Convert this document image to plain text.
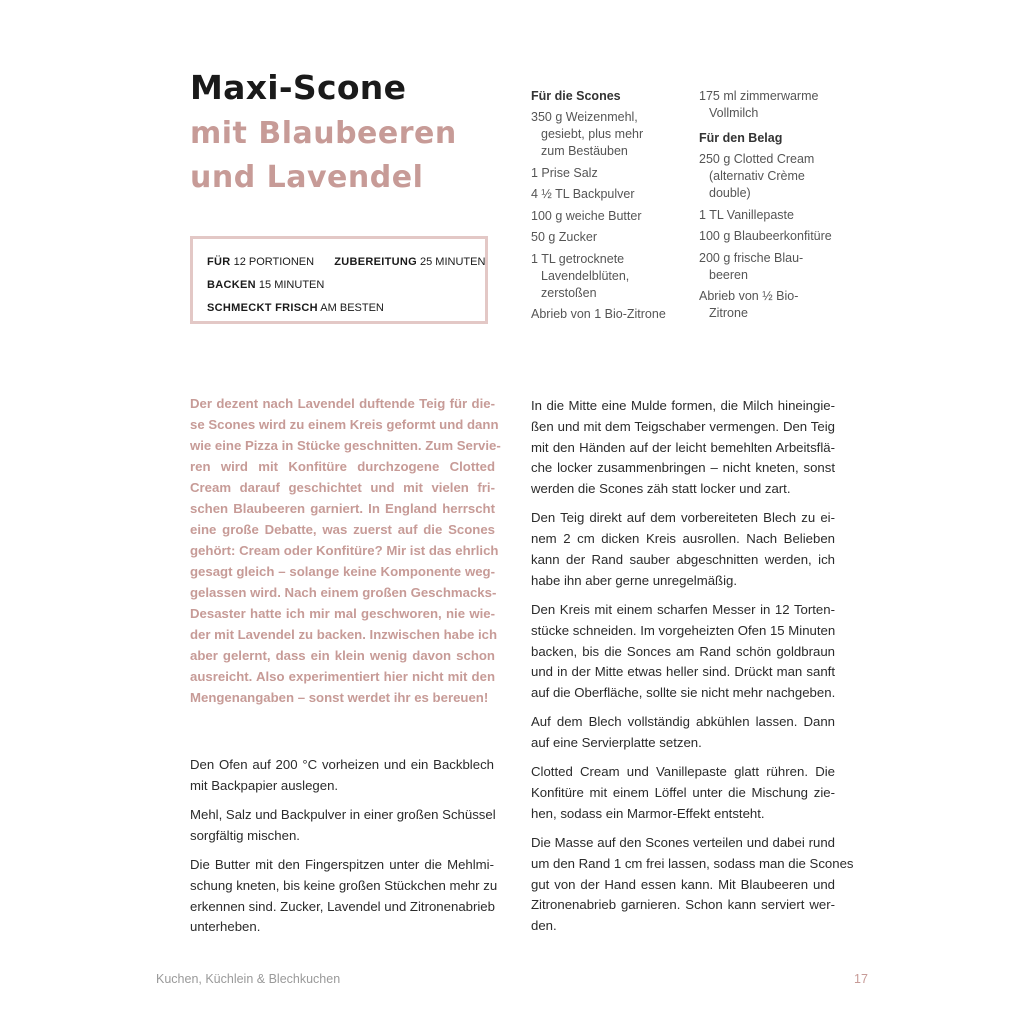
Maxi-Scone
mit Blaubeeren
und Lavendel
FÜR 12 PORTIONEN ZUBEREITUNG 25 MINUTEN
BACKEN 15 MINUTEN
SCHMECKT FRISCH AM BESTEN
Für die Scones
350 g Weizenmehl,
gesiebt, plus mehr
zum Bestäuben
1 Prise Salz
4 ½ TL Backpulver
100 g weiche Butter
50 g Zucker
1 TL getrocknete
Lavendelblüten,
zerstoßen
Abrieb von 1 Bio-Zitrone
175 ml zimmerwarme
Vollmilch
Für den Belag
250 g Clotted Cream
(alternativ Crème
double)
1 TL Vanillepaste
100 g Blaubeerkonfitüre
200 g frische Blau-
beeren
Abrieb von ½ Bio-
Zitrone
Der dezent nach Lavendel duftende Teig für die-
se Scones wird zu einem Kreis geformt und dann
wie eine Pizza in Stücke geschnitten. Zum Servie-
ren wird mit Konfitüre durchzogene Clotted
Cream darauf geschichtet und mit vielen fri-
schen Blaubeeren garniert. In England herrscht
eine große Debatte, was zuerst auf die Scones
gehört: Cream oder Konfitüre? Mir ist das ehrlich
gesagt gleich – solange keine Komponente weg-
gelassen wird. Nach einem großen Geschmacks-
Desaster hatte ich mir mal geschworen, nie wie-
der mit Lavendel zu backen. Inzwischen habe ich
aber gelernt, dass ein klein wenig davon schon
ausreicht. Also experimentiert hier nicht mit den
Mengenangaben – sonst werdet ihr es bereuen!
Den Ofen auf 200 °C vorheizen und ein Backblech
mit Backpapier auslegen.
Mehl, Salz und Backpulver in einer großen Schüssel
sorgfältig mischen.
Die Butter mit den Fingerspitzen unter die Mehlmi-
schung kneten, bis keine großen Stückchen mehr zu
erkennen sind. Zucker, Lavendel und Zitronenabrieb
unterheben.
In die Mitte eine Mulde formen, die Milch hineingie-
ßen und mit dem Teigschaber vermengen. Den Teig
mit den Händen auf der leicht bemehlten Arbeitsflä-
che locker zusammenbringen – nicht kneten, sonst
werden die Scones zäh statt locker und zart.
Den Teig direkt auf dem vorbereiteten Blech zu ei-
nem 2 cm dicken Kreis ausrollen. Nach Belieben
kann der Rand sauber abgeschnitten werden, ich
habe ihn aber gerne unregelmäßig.
Den Kreis mit einem scharfen Messer in 12 Torten-
stücke schneiden. Im vorgeheizten Ofen 15 Minuten
backen, bis die Sonces am Rand schön goldbraun
und in der Mitte etwas heller sind. Drückt man sanft
auf die Oberfläche, sollte sie nicht mehr nachgeben.
Auf dem Blech vollständig abkühlen lassen. Dann
auf eine Servierplatte setzen.
Clotted Cream und Vanillepaste glatt rühren. Die
Konfitüre mit einem Löffel unter die Mischung zie-
hen, sodass ein Marmor-Effekt entsteht.
Die Masse auf den Scones verteilen und dabei rund
um den Rand 1 cm frei lassen, sodass man die Scones
gut von der Hand essen kann. Mit Blaubeeren und
Zitronenabrieb garnieren. Schon kann serviert wer-
den.
Kuchen, Küchlein & Blechkuchen	17
